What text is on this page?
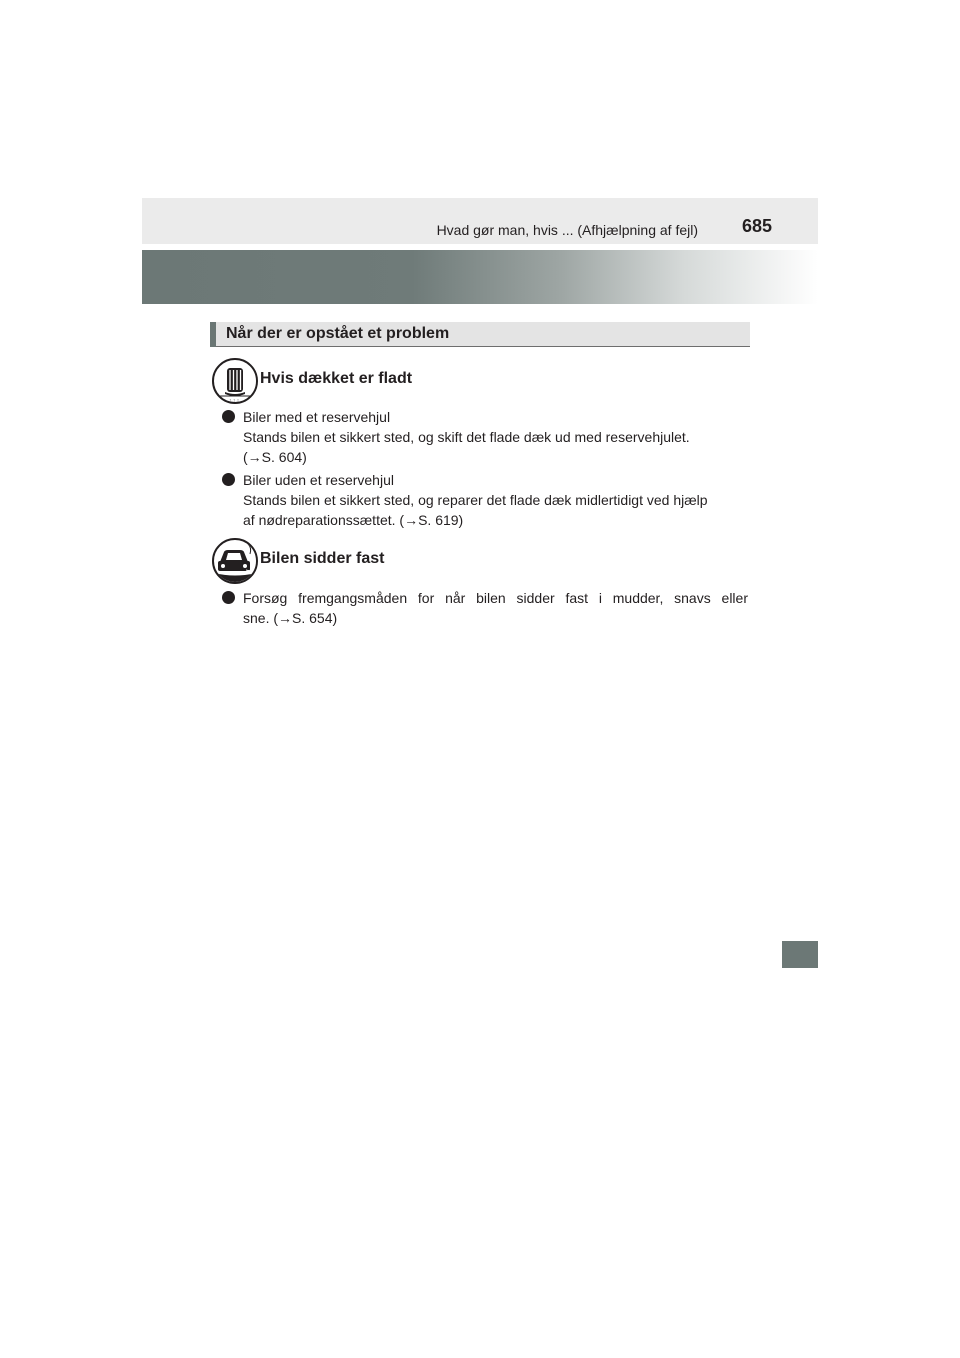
Hvad gør man, hvis ... (Afhjælpning af fejl) 685
Når der er opstået et problem
↑ ↑ ↑
Hvis dækket er fladt
Biler med et reservehjul
Stands bilen et sikkert sted, og skift det flade dæk ud med reservehjulet.
(→S. 604)
Biler uden et reservehjul
Stands bilen et sikkert sted, og reparer det flade dæk midlertidigt ved hjælp
af nødreparationssættet. (→S. 619)
Bilen sidder fast
Forsøg fremgangsmåden for når bilen sidder fast i mudder, snavs eller
sne. (→S. 654)
